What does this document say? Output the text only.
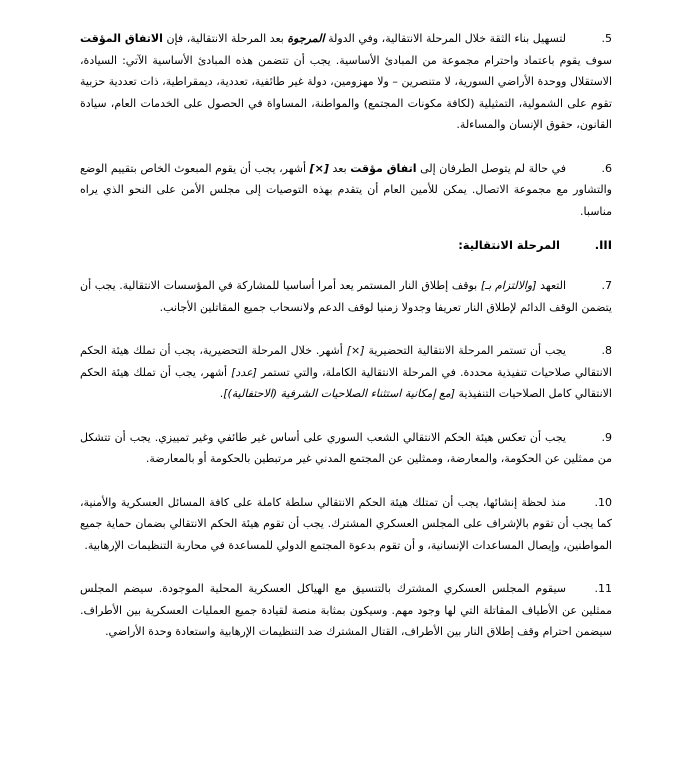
5.لتسهيل بناء الثقة خلال المرحلة الانتقالية، وفي الدولة المرجوة بعد المرحلة الانتقالية، فإن الاتفاق المؤقت سوف يقوم باعتماد واحترام مجموعة من المبادئ الأساسية. يجب أن تتضمن هذه المبادئ الأساسية الآتي: السيادة، الاستقلال ووحدة الأراضي السورية، لا متنصرين – ولا مهزومين، دولة غير طائفية، تعددية، ديمقراطية، ذات تعددية حزبية تقوم على الشمولية، التمثيلية (لكافة مكونات المجتمع) والمواطنة، المساواة في الحصول على الخدمات العام، سيادة القانون، حقوق الإنسان والمساءلة.

6.في حالة لم يتوصل الطرفان إلى اتفاق مؤقت بعد [×] أشهر، يجب أن يقوم المبعوث الخاص بتقييم الوضع والتشاور مع مجموعة الاتصال. يمكن للأمين العام أن يتقدم بهذه التوصيات إلى مجلس الأمن على النحو الذي يراه مناسبا.

III.المرحلة الانتقالية:

7.التعهد [والالتزام بـ] بوقف إطلاق النار المستمر يعد أمرا أساسيا للمشاركة في المؤسسات الانتقالية. يجب أن يتضمن الوقف الدائم لإطلاق النار تعريفا وجدولا زمنيا لوقف الدعم ولانسحاب جميع المقاتلين الأجانب.

8.يجب أن تستمر المرحلة الانتقالية التحضيرية [×] أشهر. خلال المرحلة التحضيرية، يجب أن تملك هيئة الحكم الانتقالي صلاحيات تنفيذية محددة. في المرحلة الانتقالية الكاملة، والتي تستمر [عدد] أشهر، يجب أن تملك هيئة الحكم الانتقالي كامل الصلاحيات التنفيذية [مع إمكانية استثناء الصلاحيات الشرفية (الاحتفالية)].

9.يجب أن تعكس هيئة الحكم الانتقالي الشعب السوري على أساس غير طائفي وغير تمييزي. يجب أن تتشكل من ممثلين عن الحكومة، والمعارضة، وممثلين عن المجتمع المدني غير مرتبطين بالحكومة أو بالمعارضة.

10.منذ لحظة إنشائها، يجب أن تمتلك هيئة الحكم الانتقالي سلطة كاملة على كافة المسائل العسكرية والأمنية، كما يجب أن تقوم بالإشراف على المجلس العسكري المشترك. يجب أن تقوم هيئة الحكم الانتقالي بضمان حماية جميع المواطنين، وإيصال المساعدات الإنسانية، و أن تقوم بدعوة المجتمع الدولي للمساعدة في محاربة التنظيمات الإرهابية.

11.سيقوم المجلس العسكري المشترك بالتنسيق مع الهياكل العسكرية المحلية الموجودة. سيضم المجلس ممثلين عن الأطياف المقاتلة التي لها وجود مهم. وسيكون بمثابة منصة لقيادة جميع العمليات العسكرية بين الأطراف. سيضمن احترام وقف إطلاق النار بين الأطراف، القتال المشترك ضد التنظيمات الإرهابية واستعادة وحدة الأراضي.
